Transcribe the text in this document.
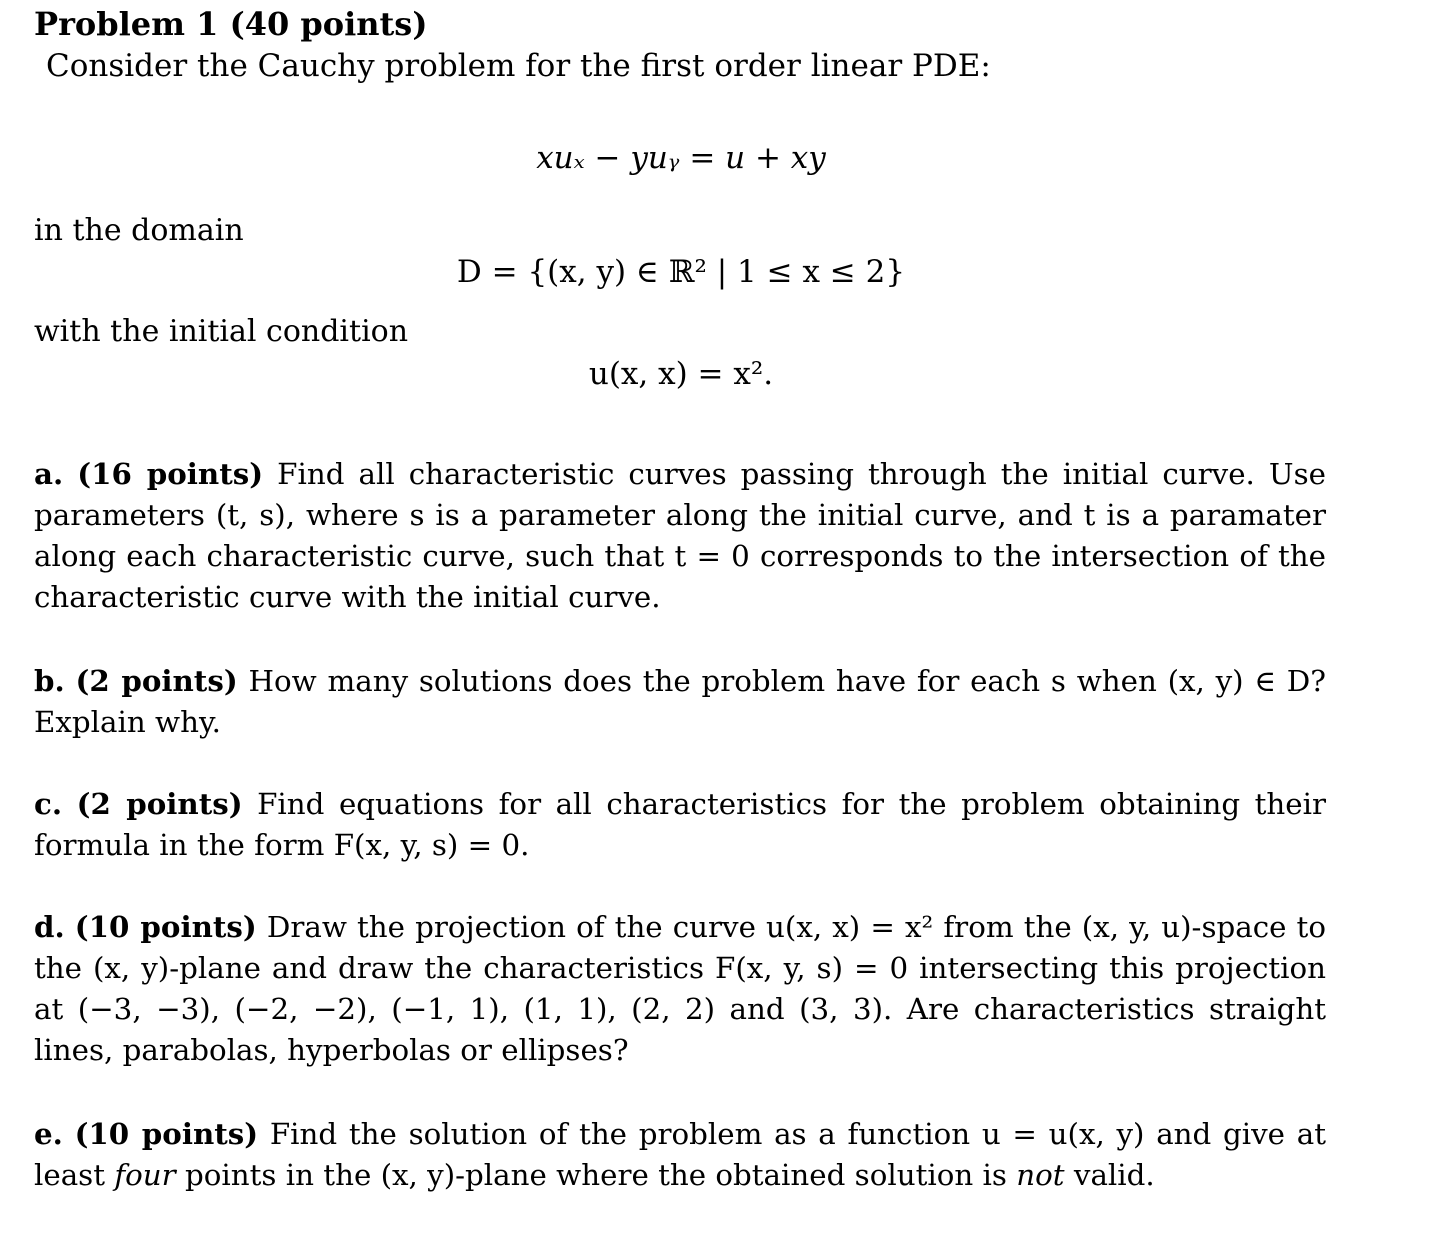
Problem 1 (40 points)
Consider the Cauchy problem for the first order linear PDE:
xuₓ − yuᵧ = u + xy
in the domain
D = {(x, y) ∈ ℝ² | 1 ≤ x ≤ 2}
with the initial condition
u(x, x) = x².
a. (16 points) Find all characteristic curves passing through the initial curve. Use parameters (t, s), where s is a parameter along the initial curve, and t is a paramater along each characteristic curve, such that t = 0 corresponds to the intersection of the characteristic curve with the initial curve.
b. (2 points) How many solutions does the problem have for each s when (x, y) ∈ D? Explain why.
c. (2 points) Find equations for all characteristics for the problem obtaining their formula in the form F(x, y, s) = 0.
d. (10 points) Draw the projection of the curve u(x, x) = x² from the (x, y, u)-space to the (x, y)-plane and draw the characteristics F(x, y, s) = 0 intersecting this projection at (−3, −3), (−2, −2), (−1, 1), (1, 1), (2, 2) and (3, 3). Are characteristics straight lines, parabolas, hyperbolas or ellipses?
e. (10 points) Find the solution of the problem as a function u = u(x, y) and give at least four points in the (x, y)-plane where the obtained solution is not valid.
